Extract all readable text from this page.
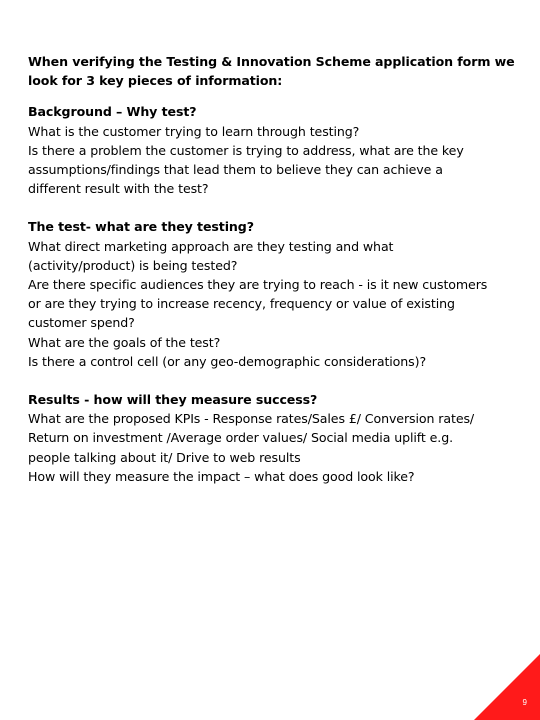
When verifying the Testing & Innovation Scheme application form we
look for 3 key pieces of information:
Background – Why test?
What is the customer trying to learn through testing?
Is there a problem the customer is trying to address, what are the key
assumptions/findings that lead them to believe they can achieve a
different result with the test?
The test- what are they testing?
What direct marketing approach are they testing and what
(activity/product) is being tested?
Are there specific audiences they are trying to reach - is it new customers
or are they trying to increase recency, frequency or value of existing
customer spend?
What are the goals of the test?
Is there a control cell (or any geo-demographic considerations)?
Results - how will they measure success?
What are the proposed KPIs - Response rates/Sales £/ Conversion rates/
Return on investment /Average order values/ Social media uplift e.g.
people talking about it/ Drive to web results
How will they measure the impact – what does good look like?
9
